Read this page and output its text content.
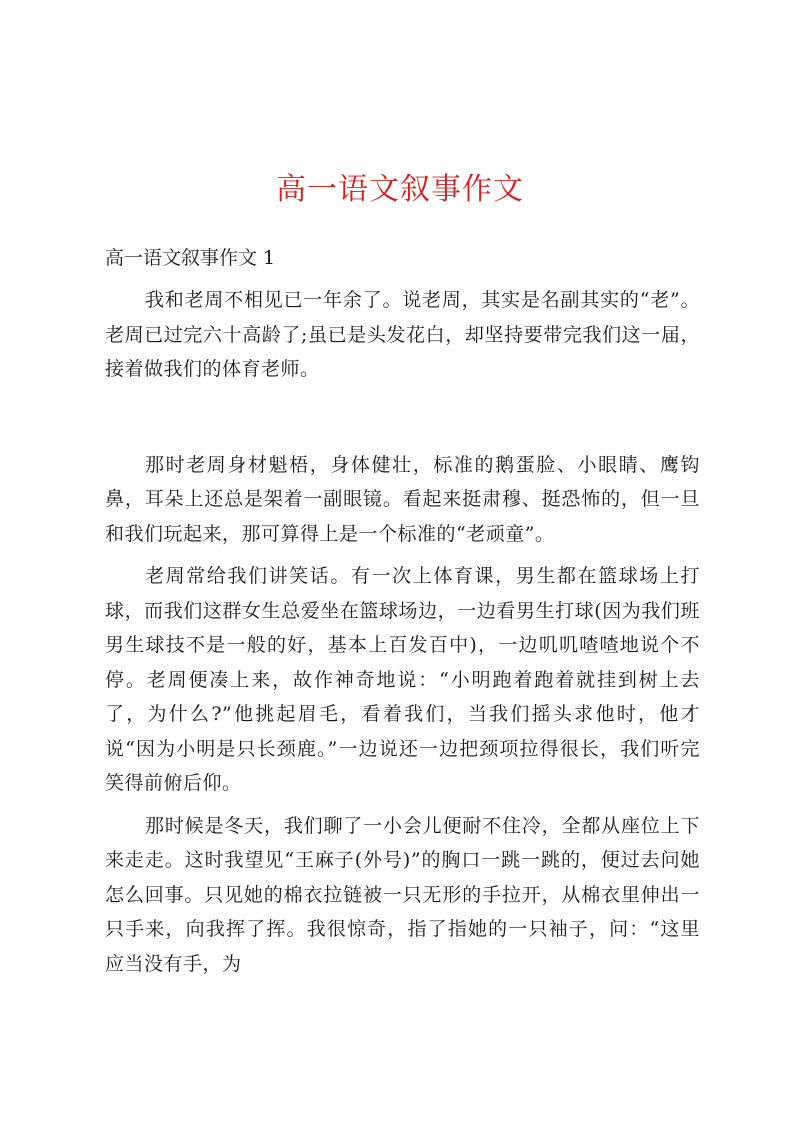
高一语文叙事作文

高一语文叙事作文 1

我和老周不相见已一年余了。说老周，其实是名副其实的“老”。老周已过完六十高龄了;虽已是头发花白，却坚持要带完我们这一届，接着做我们的体育老师。

那时老周身材魁梧，身体健壮，标准的鹅蛋脸、小眼睛、鹰钩鼻，耳朵上还总是架着一副眼镜。看起来挺肃穆、挺恐怖的，但一旦和我们玩起来，那可算得上是一个标准的“老顽童”。

老周常给我们讲笑话。有一次上体育课，男生都在篮球场上打球，而我们这群女生总爱坐在篮球场边，一边看男生打球(因为我们班男生球技不是一般的好，基本上百发百中)，一边叽叽喳喳地说个不停。老周便凑上来，故作神奇地说：“小明跑着跑着就挂到树上去了，为什么?”他挑起眉毛，看着我们，当我们摇头求他时，他才说“因为小明是只长颈鹿。”一边说还一边把颈项拉得很长，我们听完笑得前俯后仰。

那时候是冬天，我们聊了一小会儿便耐不住冷，全都从座位上下来走走。这时我望见“王麻子(外号)”的胸口一跳一跳的，便过去问她怎么回事。只见她的棉衣拉链被一只无形的手拉开，从棉衣里伸出一只手来，向我挥了挥。我很惊奇，指了指她的一只袖子，问：“这里应当没有手，为
